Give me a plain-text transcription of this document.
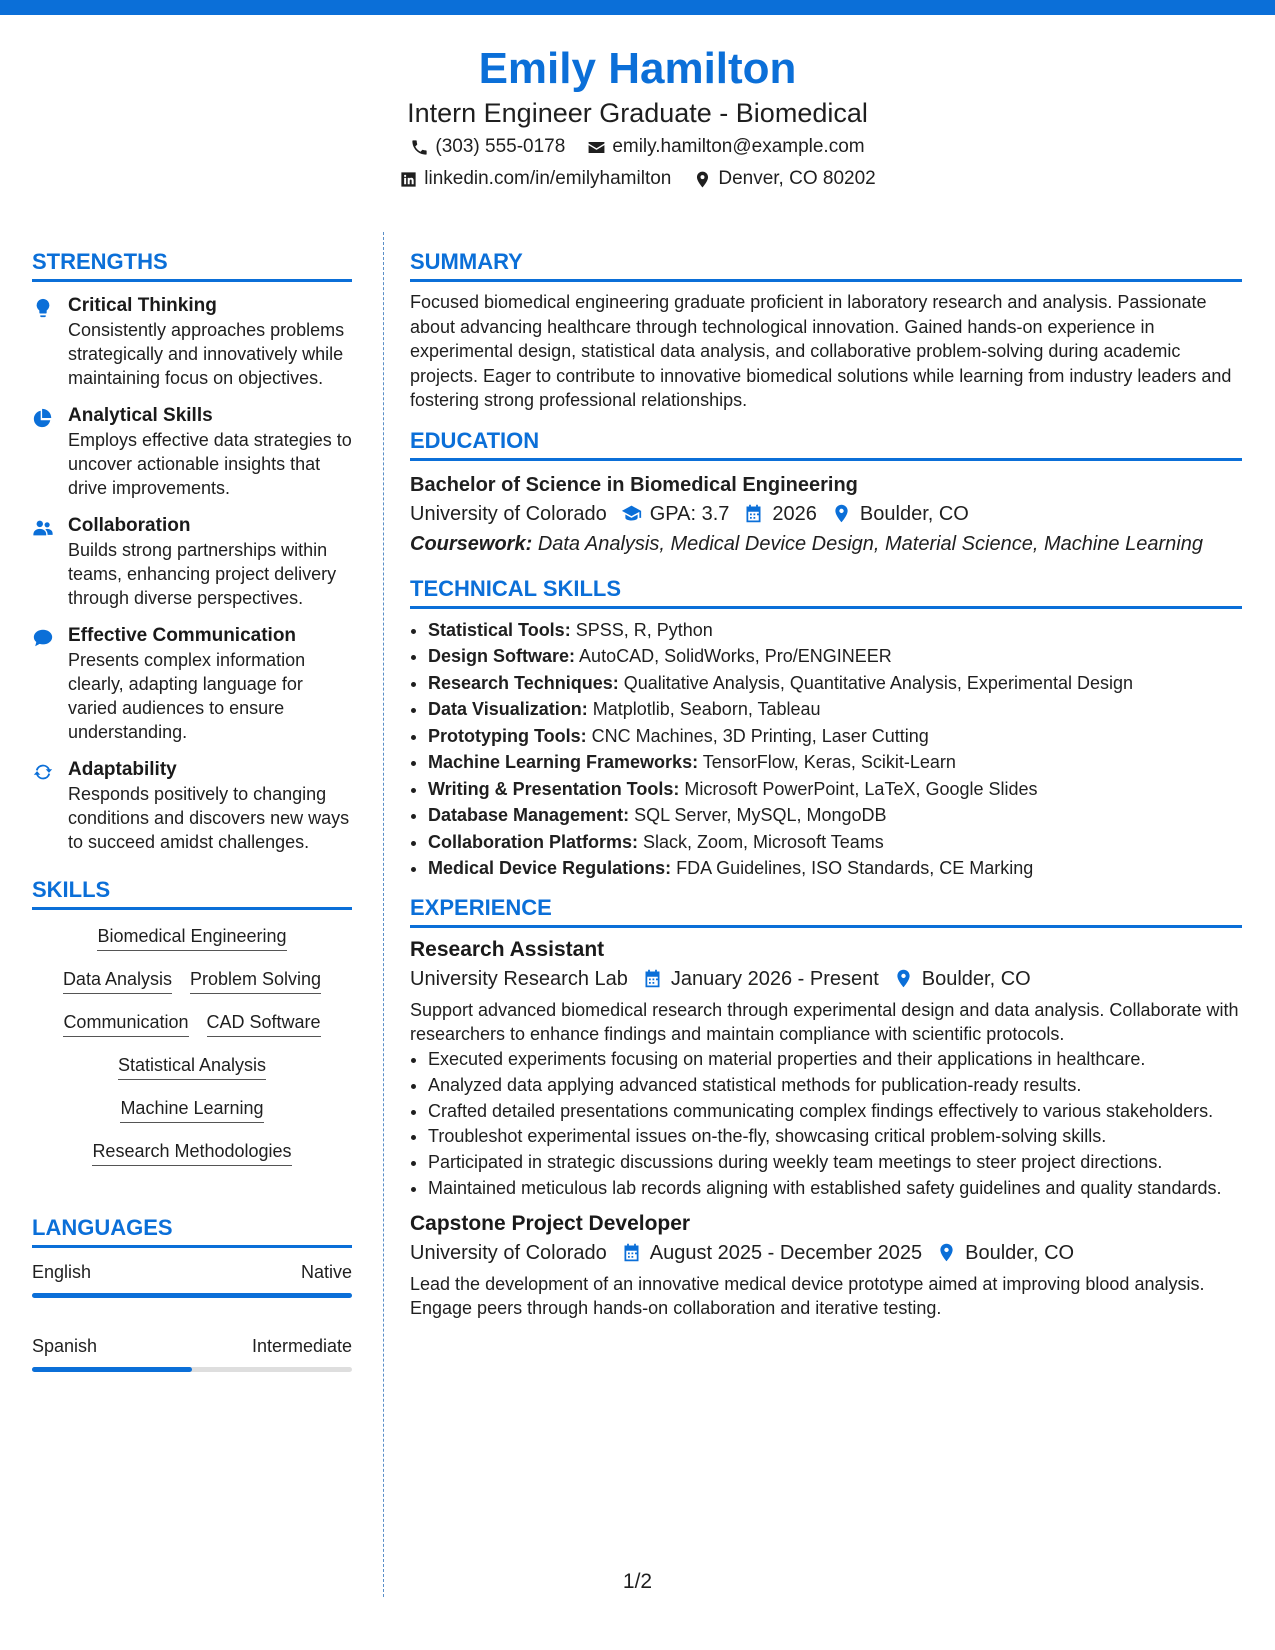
Emily Hamilton
Intern Engineer Graduate - Biomedical
(303) 555-0178 emily.hamilton@example.com
linkedin.com/in/emilyhamilton Denver, CO 80202
STRENGTHS
Critical Thinking
Consistently approaches problems strategically and innovatively while maintaining focus on objectives.
Analytical Skills
Employs effective data strategies to uncover actionable insights that drive improvements.
Collaboration
Builds strong partnerships within teams, enhancing project delivery through diverse perspectives.
Effective Communication
Presents complex information clearly, adapting language for varied audiences to ensure understanding.
Adaptability
Responds positively to changing conditions and discovers new ways to succeed amidst challenges.
SKILLS
Biomedical Engineering
Data Analysis Problem Solving
Communication CAD Software
Statistical Analysis
Machine Learning
Research Methodologies
LANGUAGES
English	Native
Spanish	Intermediate
SUMMARY
Focused biomedical engineering graduate proficient in laboratory research and analysis. Passionate about advancing healthcare through technological innovation. Gained hands-on experience in experimental design, statistical data analysis, and collaborative problem-solving during academic projects. Eager to contribute to innovative biomedical solutions while learning from industry leaders and fostering strong professional relationships.
EDUCATION
Bachelor of Science in Biomedical Engineering
University of Colorado GPA: 3.7 2026 Boulder, CO
Coursework: Data Analysis, Medical Device Design, Material Science, Machine Learning
TECHNICAL SKILLS
• Statistical Tools: SPSS, R, Python
• Design Software: AutoCAD, SolidWorks, Pro/ENGINEER
• Research Techniques: Qualitative Analysis, Quantitative Analysis, Experimental Design
• Data Visualization: Matplotlib, Seaborn, Tableau
• Prototyping Tools: CNC Machines, 3D Printing, Laser Cutting
• Machine Learning Frameworks: TensorFlow, Keras, Scikit-Learn
• Writing & Presentation Tools: Microsoft PowerPoint, LaTeX, Google Slides
• Database Management: SQL Server, MySQL, MongoDB
• Collaboration Platforms: Slack, Zoom, Microsoft Teams
• Medical Device Regulations: FDA Guidelines, ISO Standards, CE Marking
EXPERIENCE
Research Assistant
University Research Lab January 2026 - Present Boulder, CO
Support advanced biomedical research through experimental design and data analysis. Collaborate with researchers to enhance findings and maintain compliance with scientific protocols.
• Executed experiments focusing on material properties and their applications in healthcare.
• Analyzed data applying advanced statistical methods for publication-ready results.
• Crafted detailed presentations communicating complex findings effectively to various stakeholders.
• Troubleshot experimental issues on-the-fly, showcasing critical problem-solving skills.
• Participated in strategic discussions during weekly team meetings to steer project directions.
• Maintained meticulous lab records aligning with established safety guidelines and quality standards.
Capstone Project Developer
University of Colorado August 2025 - December 2025 Boulder, CO
Lead the development of an innovative medical device prototype aimed at improving blood analysis. Engage peers through hands-on collaboration and iterative testing.
1/2
